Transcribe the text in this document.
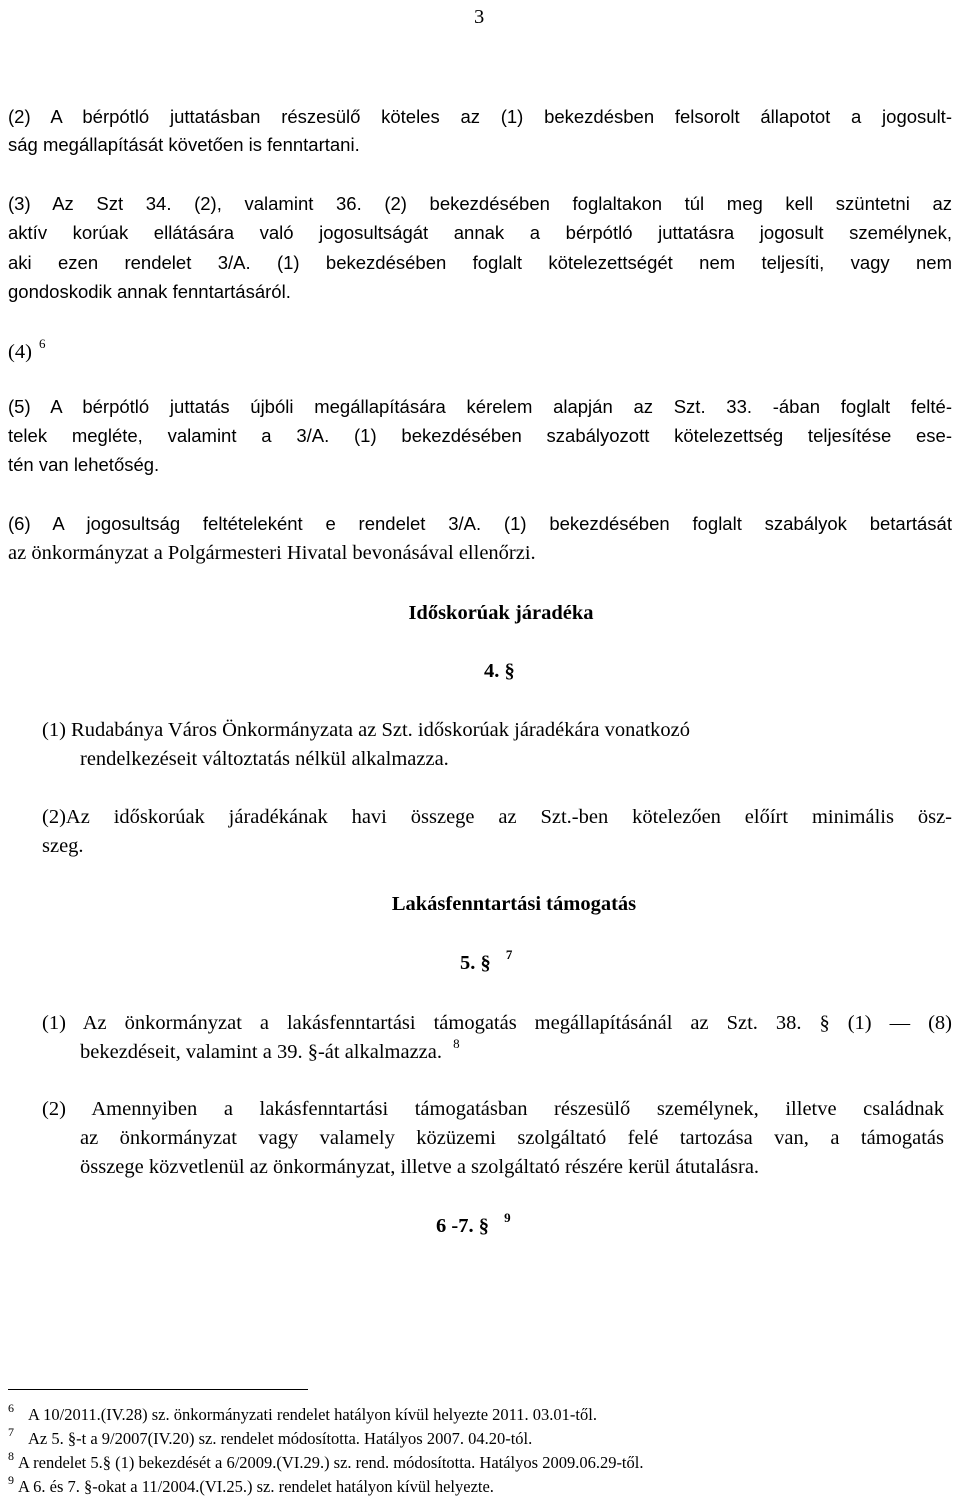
3
(2) A bérpótló juttatásban részesülő köteles az (1) bekezdésben felsorolt állapotot a jogosult-
ság megállapítását követően is fenntartani.
(3) Az Szt 34. (2), valamint 36. (2) bekezdésében foglaltakon túl meg kell szüntetni az
aktív korúak ellátására való jogosultságát annak a bérpótló juttatásra jogosult személynek,
aki ezen rendelet 3/A. (1) bekezdésében foglalt kötelezettségét nem teljesíti, vagy nem
gondoskodik annak fenntartásáról.
(4) $^6$
(5) A bérpótló juttatás újbóli megállapítására kérelem alapján az Szt. 33. -ában foglalt felté-
telek megléte, valamint a 3/A. (1) bekezdésében szabályozott kötelezettség teljesítése ese-
tén van lehetőség.
(6) A jogosultság feltételeként e rendelet 3/A. (1) bekezdésében foglalt szabályok betartását
az önkormányzat a Polgármesteri Hivatal bevonásával ellenőrzi.
Időskorúak járadéka
4. §
(1) Rudabánya Város Önkormányzata az Szt. időskorúak járadékára vonatkozó
rendelkezéseit változtatás nélkül alkalmazza.
(2)Az időskorúak járadékának havi összege az Szt.-ben kötelezően előírt minimális ösz-
szeg.
Lakásfenntartási támogatás
5. § $^7$
(1) Az önkormányzat a lakásfenntartási támogatás megállapításánál az Szt. 38. § (1) — (8)
bekezdéseit, valamint a 39. §-át alkalmazza. $^8$
(2) Amennyiben a lakásfenntartási támogatásban részesülő személynek, illetve családnak
az önkormányzat vagy valamely közüzemi szolgáltató felé tartozása van, a támogatás
összege közvetlenül az önkormányzat, illetve a szolgáltató részére kerül átutalásra.
6 -7. § $^9$
$^6$ A 10/2011.(IV.28) sz. önkormányzati rendelet hatályon kívül helyezte 2011. 03.01-től.
$^7$ Az 5. §-t a 9/2007(IV.20) sz. rendelet módosította. Hatályos 2007. 04.20-tól.
$^8$ A rendelet 5.§ (1) bekezdését a 6/2009.(VI.29.) sz. rend. módosította. Hatályos 2009.06.29-től.
$^9$ A 6. és 7. §-okat a 11/2004.(VI.25.) sz. rendelet hatályon kívül helyezte.
